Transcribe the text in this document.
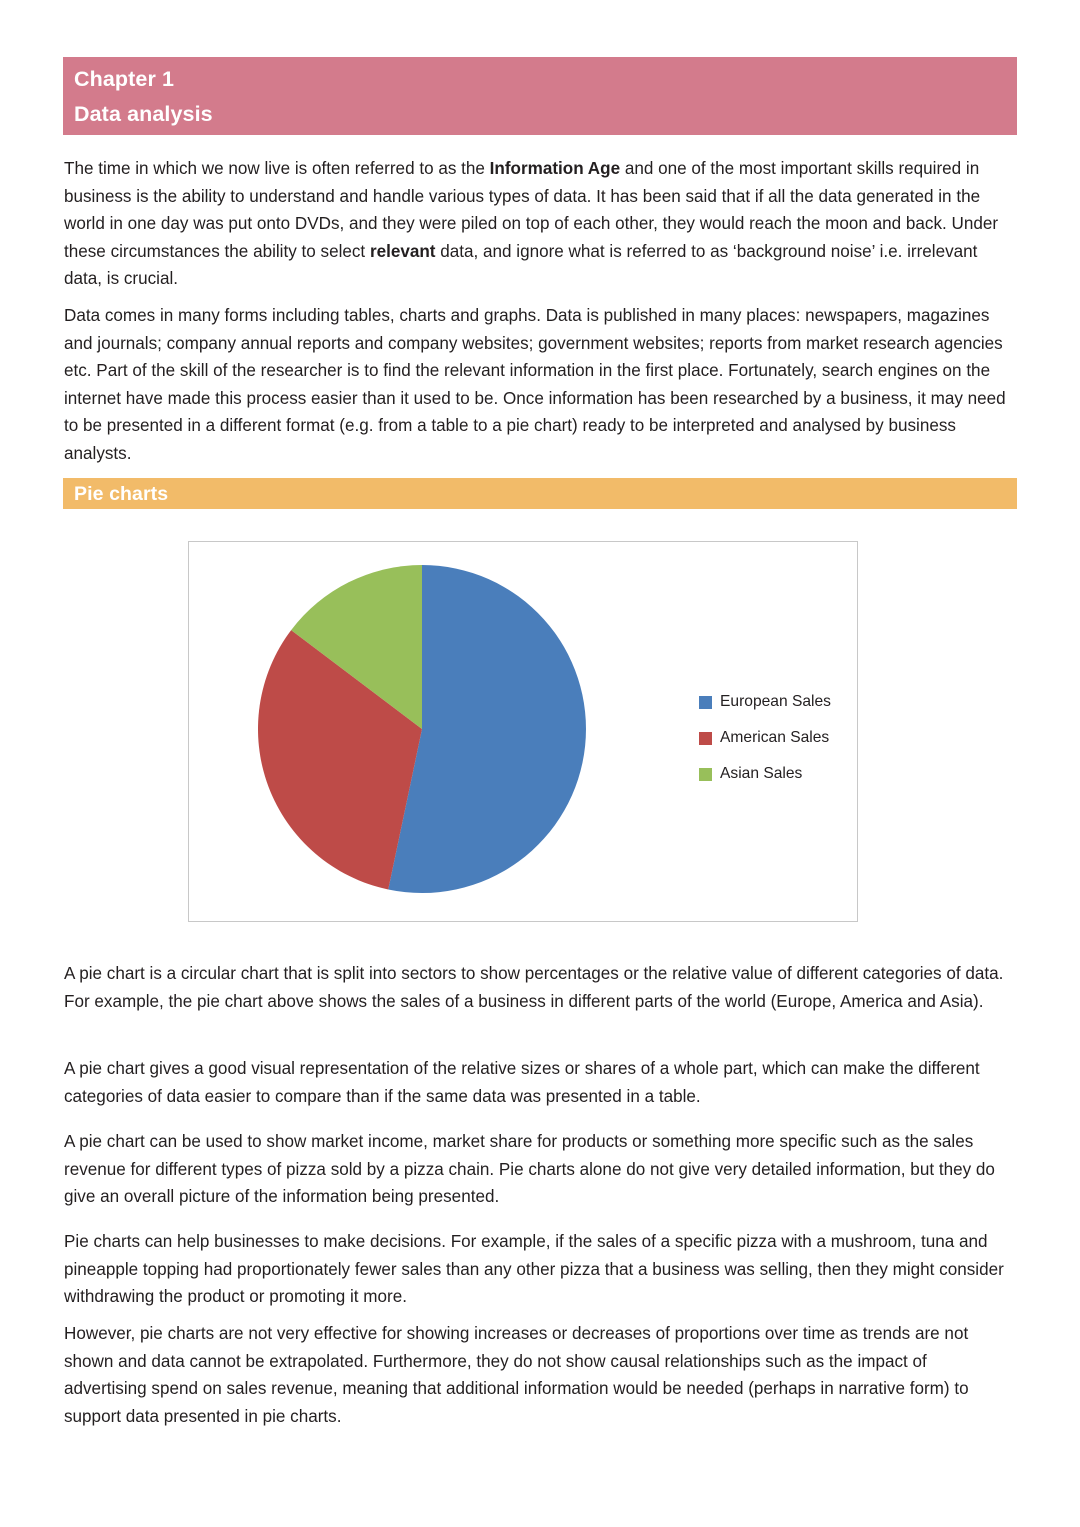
Chapter 1
Data analysis
The time in which we now live is often referred to as the Information Age and one of the most important skills required in business is the ability to understand and handle various types of data. It has been said that if all the data generated in the world in one day was put onto DVDs, and they were piled on top of each other, they would reach the moon and back. Under these circumstances the ability to select relevant data, and ignore what is referred to as ‘background noise’ i.e. irrelevant data, is crucial.
Data comes in many forms including tables, charts and graphs. Data is published in many places: newspapers, magazines and journals; company annual reports and company websites; government websites; reports from market research agencies etc. Part of the skill of the researcher is to find the relevant information in the first place. Fortunately, search engines on the internet have made this process easier than it used to be. Once information has been researched by a business, it may need to be presented in a different format (e.g. from a table to a pie chart) ready to be interpreted and analysed by business analysts.
Pie charts
European Sales
American Sales
Asian Sales
A pie chart is a circular chart that is split into sectors to show percentages or the relative value of different categories of data. For example, the pie chart above shows the sales of a business in different parts of the world (Europe, America and Asia).
A pie chart gives a good visual representation of the relative sizes or shares of a whole part, which can make the different categories of data easier to compare than if the same data was presented in a table.
A pie chart can be used to show market income, market share for products or something more specific such as the sales revenue for different types of pizza sold by a pizza chain. Pie charts alone do not give very detailed information, but they do give an overall picture of the information being presented.
Pie charts can help businesses to make decisions. For example, if the sales of a specific pizza with a mushroom, tuna and pineapple topping had proportionately fewer sales than any other pizza that a business was selling, then they might consider withdrawing the product or promoting it more.
However, pie charts are not very effective for showing increases or decreases of proportions over time as trends are not shown and data cannot be extrapolated. Furthermore, they do not show causal relationships such as the impact of advertising spend on sales revenue, meaning that additional information would be needed (perhaps in narrative form) to support data presented in pie charts.
